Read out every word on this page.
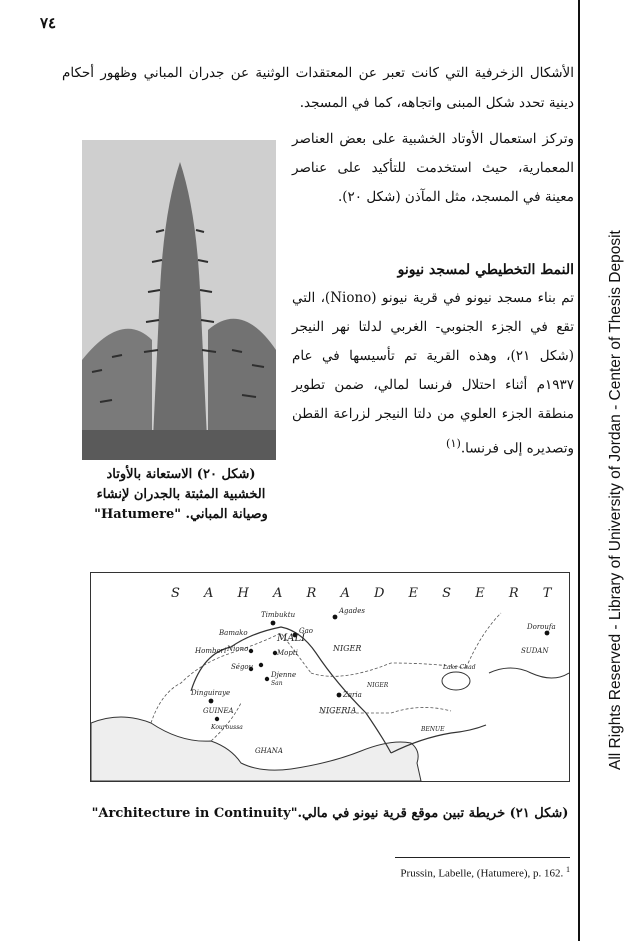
٧٤
الأشكال الزخرفية التي كانت تعبر عن المعتقدات الوثنية عن جدران المباني وظهور أحكام دينية تحدد شكل المبنى واتجاهه، كما في المسجد.
(شكل ٢٠) الاستعانة بالأوتاد
الخشبية المثبتة بالجدران لإنشاء
وصيانة المباني. "Hatumere"
وتركز استعمال الأوتاد الخشبية على بعض العناصر المعمارية، حيث استخدمت للتأكيد على عناصر معينة في المسجد، مثل المآذن (شكل ٢٠).
النمط التخطيطي لمسجد نيونو
تم بناء مسجد نيونو في قرية نيونو (Niono)، التي تقع في الجزء الجنوبي- الغربي لدلتا نهر النيجر (شكل ٢١)، وهذه القرية تم تأسيسها في عام ١٩٣٧م أثناء احتلال فرنسا لمالي، ضمن تطوير منطقة الجزء العلوي من دلتا النيجر لزراعة القطن وتصديره إلى فرنسا.$^{(١)}$
S A H A R A D E S E R T
Timbuktu	Agades
Gao
MALI
NIGER	SUDAN
Doroufa
Lake Chad
Zaria
NIGERIA
GHANA
GUINEA
Bamako
Niono
Djenne
Mopti
Ségou
San
Dinguiraye
Kouroussa
Hombori
NIGER
BENUE
(شكل ٢١) خريطة تبين موقع قرية نيونو في مالي."Architecture in Continuity"
Prussin, Labelle, (Hatumere), p. 162. $^1$
All Rights Reserved - Library of University of Jordan - Center of Thesis Deposit
